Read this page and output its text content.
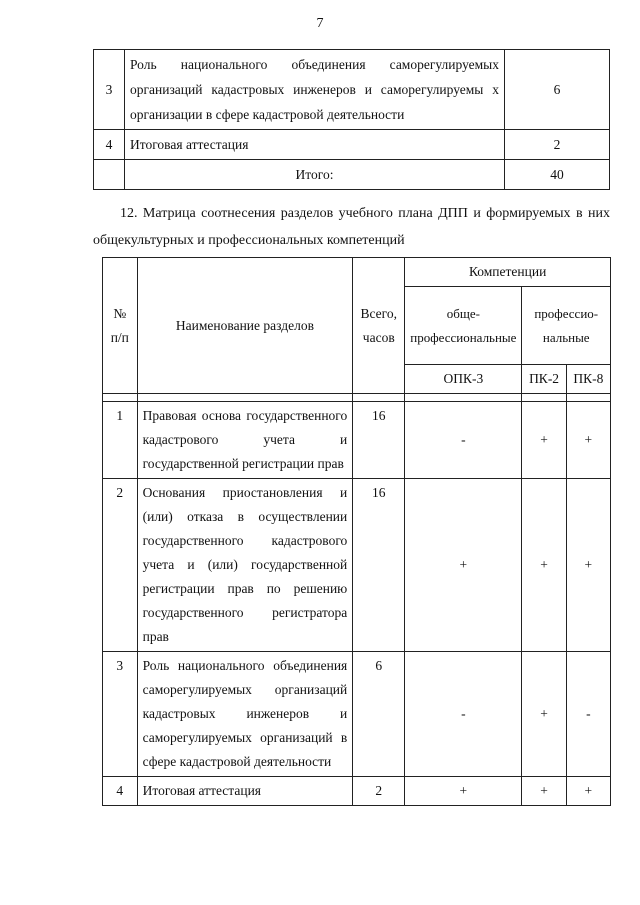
7
3	Роль национального объединения саморегулируемых организаций кадастровых инженеров и саморегулируемы х организации в сфере кадастровой деятельности	6
4	Итоговая аттестация	2
	Итого:	40

12. Матрица соотнесения разделов учебного плана ДПП и формируемых в них общекультурных и профессиональных компетенций

№ п/п	Наименование разделов	Всего, часов	Компетенции		
			обще-профессиональные	профессио-нальные	
			ОПК-3	ПК-2	ПК-8

1	Правовая основа государственного кадастрового учета и государственной регистрации прав	16	-	+	+
2	Основания приостановления и (или) отказа в осуществлении государственного кадастрового учета и (или) государственной регистрации прав по решению государственного регистратора прав	16	+	+	+
3	Роль национального объединения саморегулируемых организаций кадастровых инженеров и саморегулируемых организаций в сфере кадастровой деятельности	6	-	+	-
4	Итоговая аттестация	2	+	+	+
